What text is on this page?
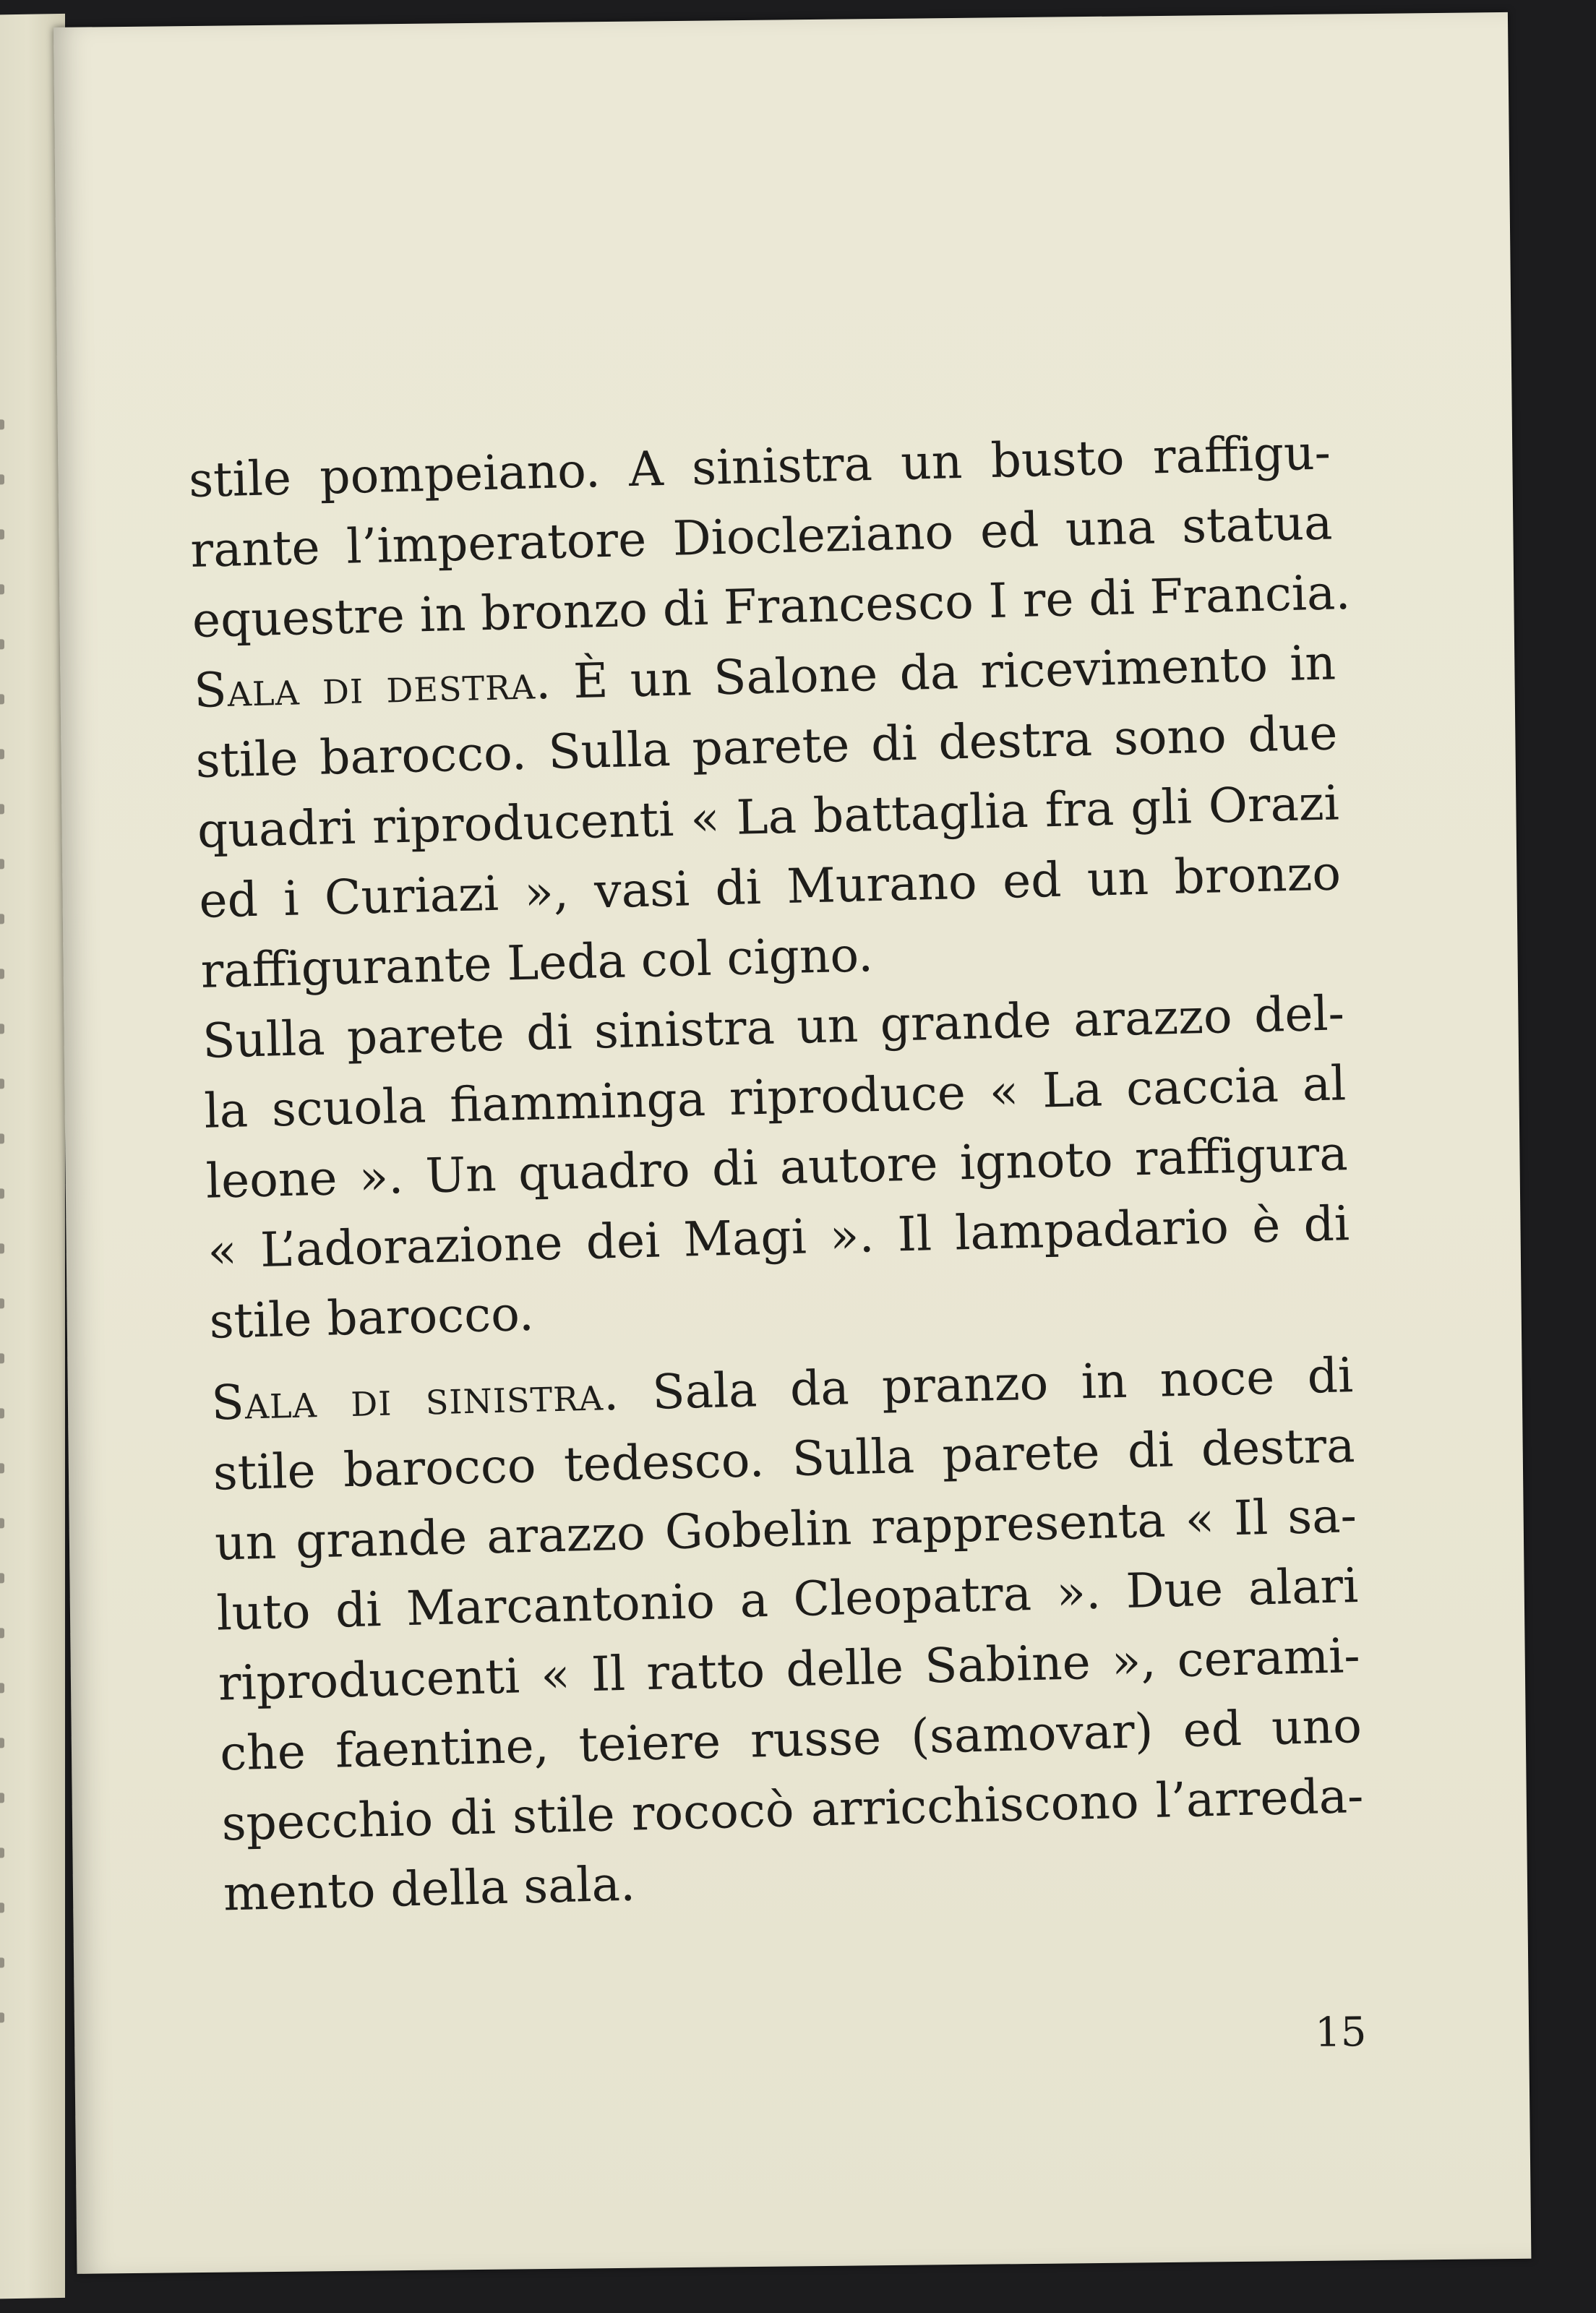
stile pompeiano. A sinistra un busto raffigu-
rante l’imperatore Diocleziano ed una statua
equestre in bronzo di Francesco I re di Francia.
Sala di destra. È un Salone da ricevimento in
stile barocco. Sulla parete di destra sono due
quadri riproducenti « La battaglia fra gli Orazi
ed i Curiazi », vasi di Murano ed un bronzo
raffigurante Leda col cigno.
Sulla parete di sinistra un grande arazzo del-
la scuola fiamminga riproduce « La caccia al
leone ». Un quadro di autore ignoto raffigura
« L’adorazione dei Magi ». Il lampadario è di
stile barocco.
Sala di sinistra. Sala da pranzo in noce di
stile barocco tedesco. Sulla parete di destra
un grande arazzo Gobelin rappresenta « Il sa-
luto di Marcantonio a Cleopatra ». Due alari
riproducenti « Il ratto delle Sabine », cerami-
che faentine, teiere russe (samovar) ed uno
specchio di stile rococò arricchiscono l’arreda-
mento della sala.
15
